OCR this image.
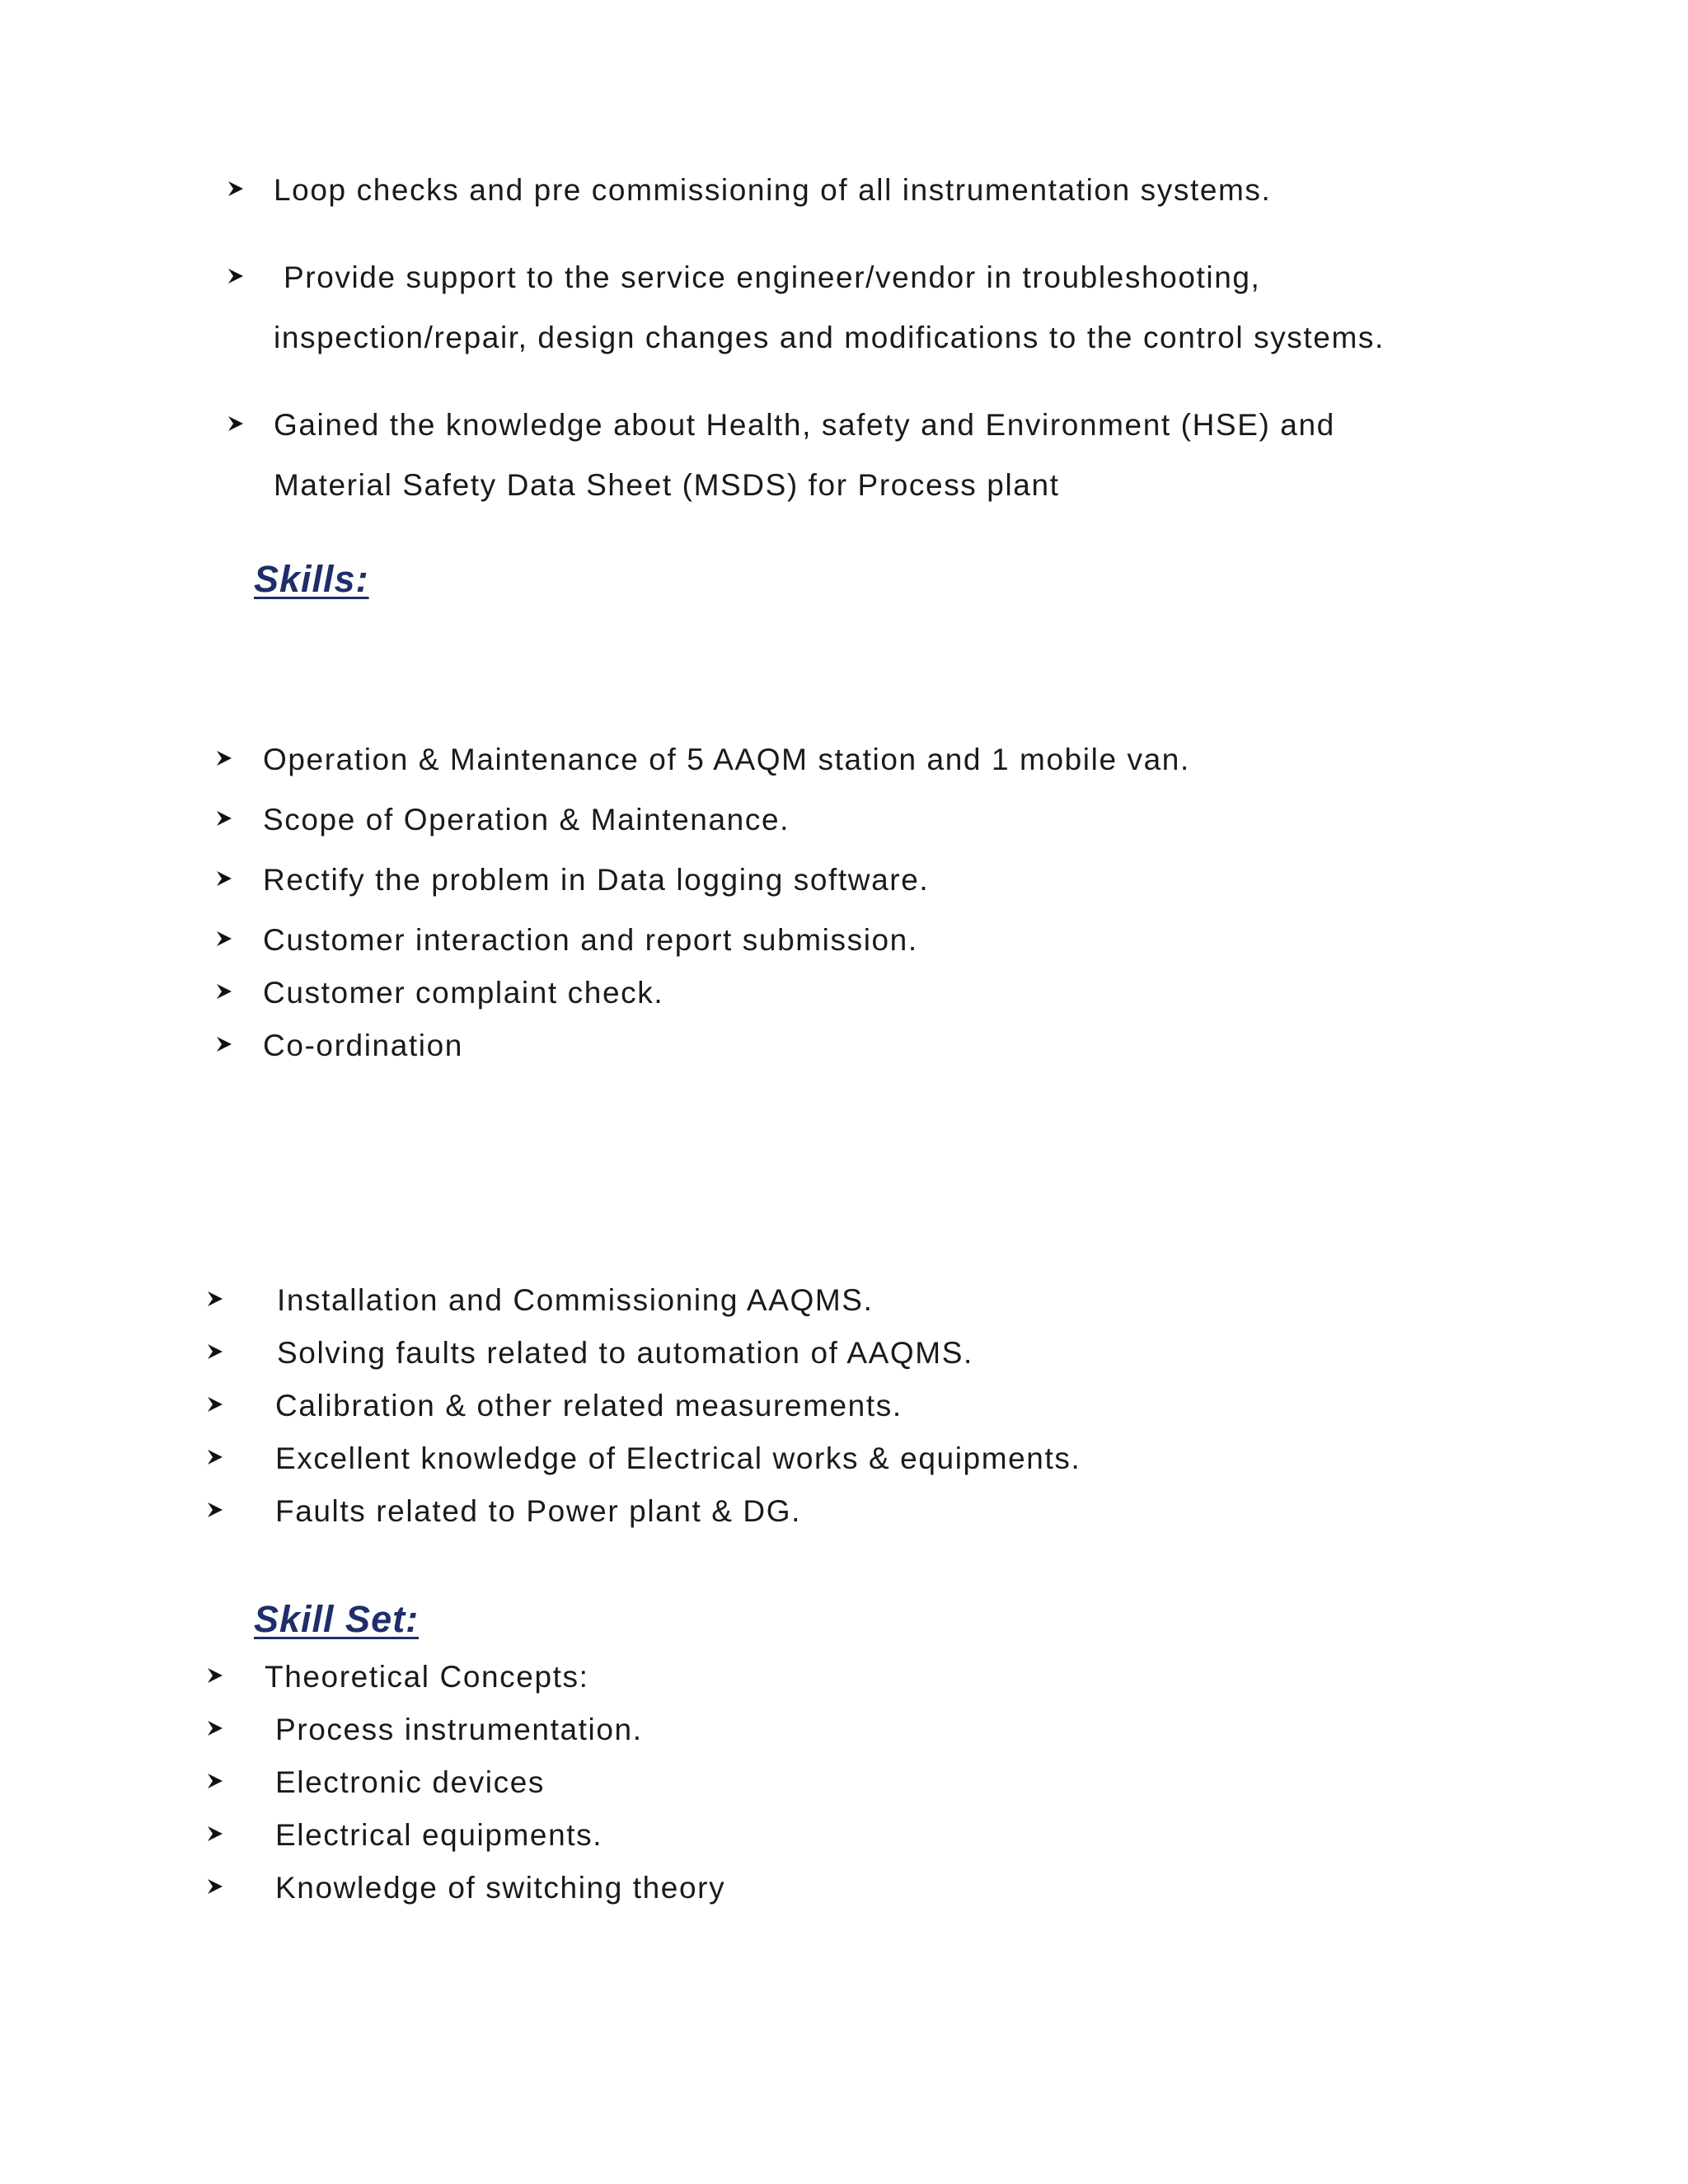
Loop checks and pre commissioning of all instrumentation systems.
Provide support to the service engineer/vendor in troubleshooting,
inspection/repair, design changes and modifications to the control systems.
Gained the knowledge about Health, safety and Environment (HSE) and
Material Safety Data Sheet (MSDS) for Process plant
Skills:
Operation & Maintenance of 5 AAQM station and 1 mobile van.
Scope of Operation & Maintenance.
Rectify the problem in Data logging software.
Customer interaction and report submission.
Customer complaint check.
Co-ordination
Installation and Commissioning AAQMS.
Solving faults related to automation of AAQMS.
Calibration & other related measurements.
Excellent knowledge of Electrical works & equipments.
Faults related to Power plant & DG.
Skill Set:
Theoretical Concepts:
Process instrumentation.
Electronic devices
Electrical equipments.
Knowledge of switching theory
